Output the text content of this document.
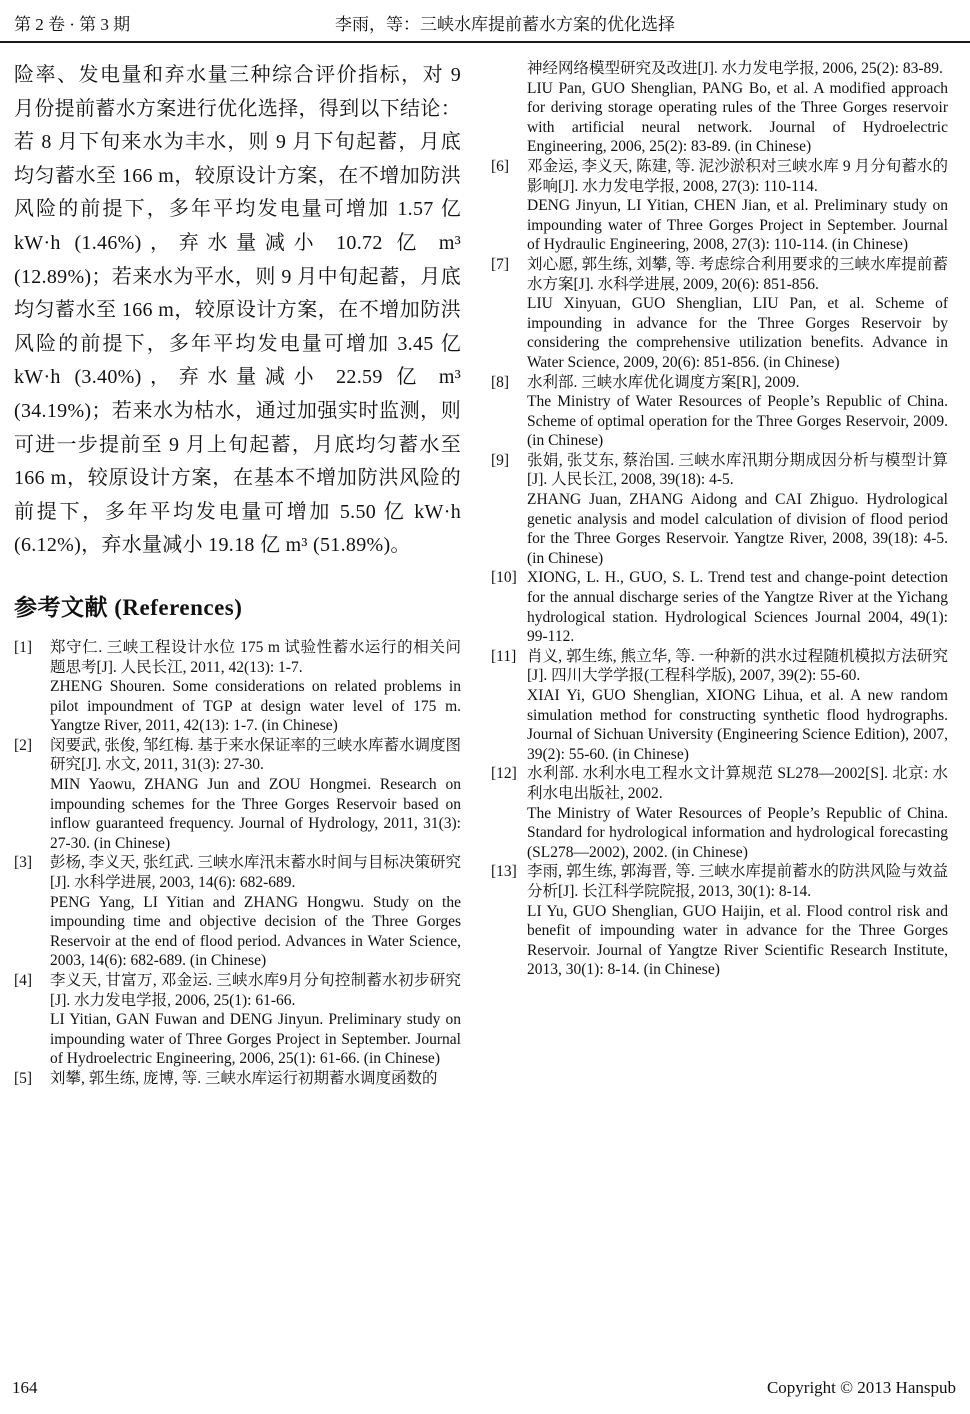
第 2 卷 · 第 3 期	李雨，等：三峡水库提前蓄水方案的优化选择
险率、发电量和弃水量三种综合评价指标，对 9 月份提前蓄水方案进行优化选择，得到以下结论：若 8 月下旬来水为丰水，则 9 月下旬起蓄，月底均匀蓄水至 166 m，较原设计方案，在不增加防洪风险的前提下，多年平均发电量可增加 1.57 亿 kW·h (1.46%)，弃水量减小 10.72 亿 m³ (12.89%)；若来水为平水，则 9 月中旬起蓄，月底均匀蓄水至 166 m，较原设计方案，在不增加防洪风险的前提下，多年平均发电量可增加 3.45 亿 kW·h (3.40%)，弃水量减小 22.59 亿 m³ (34.19%)；若来水为枯水，通过加强实时监测，则可进一步提前至 9 月上旬起蓄，月底均匀蓄水至 166 m，较原设计方案，在基本不增加防洪风险的前提下，多年平均发电量可增加 5.50 亿 kW·h (6.12%)，弃水量减小 19.18 亿 m³ (51.89%)。
参考文献 (References)
[1]	郑守仁. 三峡工程设计水位 175 m 试验性蓄水运行的相关问题思考[J]. 人民长江, 2011, 42(13): 1-7.
ZHENG Shouren. Some considerations on related problems in pilot impoundment of TGP at design water level of 175 m. Yangtze River, 2011, 42(13): 1-7. (in Chinese)
[2]	闵要武, 张俊, 邹红梅. 基于来水保证率的三峡水库蓄水调度图研究[J]. 水文, 2011, 31(3): 27-30.
MIN Yaowu, ZHANG Jun and ZOU Hongmei. Research on impounding schemes for the Three Gorges Reservoir based on inflow guaranteed frequency. Journal of Hydrology, 2011, 31(3): 27-30. (in Chinese)
[3]	彭杨, 李义天, 张红武. 三峡水库汛末蓄水时间与目标决策研究[J]. 水科学进展, 2003, 14(6): 682-689.
PENG Yang, LI Yitian and ZHANG Hongwu. Study on the impounding time and objective decision of the Three Gorges Reservoir at the end of flood period. Advances in Water Science, 2003, 14(6): 682-689. (in Chinese)
[4]	李义天, 甘富万, 邓金运. 三峡水库9月分旬控制蓄水初步研究[J]. 水力发电学报, 2006, 25(1): 61-66.
LI Yitian, GAN Fuwan and DENG Jinyun. Preliminary study on impounding water of Three Gorges Project in September. Journal of Hydroelectric Engineering, 2006, 25(1): 61-66. (in Chinese)
[5]	刘攀, 郭生练, 庞博, 等. 三峡水库运行初期蓄水调度函数的
神经网络模型研究及改进[J]. 水力发电学报, 2006, 25(2): 83-89.
LIU Pan, GUO Shenglian, PANG Bo, et al. A modified approach for deriving storage operating rules of the Three Gorges reservoir with artificial neural network. Journal of Hydroelectric Engineering, 2006, 25(2): 83-89. (in Chinese)
[6]	邓金运, 李义天, 陈建, 等. 泥沙淤积对三峡水库 9 月分旬蓄水的影响[J]. 水力发电学报, 2008, 27(3): 110-114.
DENG Jinyun, LI Yitian, CHEN Jian, et al. Preliminary study on impounding water of Three Gorges Project in September. Journal of Hydraulic Engineering, 2008, 27(3): 110-114. (in Chinese)
[7]	刘心愿, 郭生练, 刘攀, 等. 考虑综合利用要求的三峡水库提前蓄水方案[J]. 水科学进展, 2009, 20(6): 851-856.
LIU Xinyuan, GUO Shenglian, LIU Pan, et al. Scheme of impounding in advance for the Three Gorges Reservoir by considering the comprehensive utilization benefits. Advance in Water Science, 2009, 20(6): 851-856. (in Chinese)
[8]	水利部. 三峡水库优化调度方案[R], 2009.
The Ministry of Water Resources of People’s Republic of China. Scheme of optimal operation for the Three Gorges Reservoir, 2009. (in Chinese)
[9]	张娟, 张艾东, 蔡治国. 三峡水库汛期分期成因分析与模型计算[J]. 人民长江, 2008, 39(18): 4-5.
ZHANG Juan, ZHANG Aidong and CAI Zhiguo. Hydrological genetic analysis and model calculation of division of flood period for the Three Gorges Reservoir. Yangtze River, 2008, 39(18): 4-5. (in Chinese)
[10] XIONG, L. H., GUO, S. L. Trend test and change-point detection for the annual discharge series of the Yangtze River at the Yichang hydrological station. Hydrological Sciences Journal 2004, 49(1): 99-112.
[11] 肖义, 郭生练, 熊立华, 等. 一种新的洪水过程随机模拟方法研究[J]. 四川大学学报(工程科学版), 2007, 39(2): 55-60.
XIAI Yi, GUO Shenglian, XIONG Lihua, et al. A new random simulation method for constructing synthetic flood hydrographs. Journal of Sichuan University (Engineering Science Edition), 2007, 39(2): 55-60. (in Chinese)
[12] 水利部. 水利水电工程水文计算规范 SL278—2002[S]. 北京: 水利水电出版社, 2002.
The Ministry of Water Resources of People’s Republic of China. Standard for hydrological information and hydrological forecasting (SL278—2002), 2002. (in Chinese)
[13] 李雨, 郭生练, 郭海晋, 等. 三峡水库提前蓄水的防洪风险与效益分析[J]. 长江科学院院报, 2013, 30(1): 8-14.
LI Yu, GUO Shenglian, GUO Haijin, et al. Flood control risk and benefit of impounding water in advance for the Three Gorges Reservoir. Journal of Yangtze River Scientific Research Institute, 2013, 30(1): 8-14. (in Chinese)
164	Copyright © 2013 Hanspub
